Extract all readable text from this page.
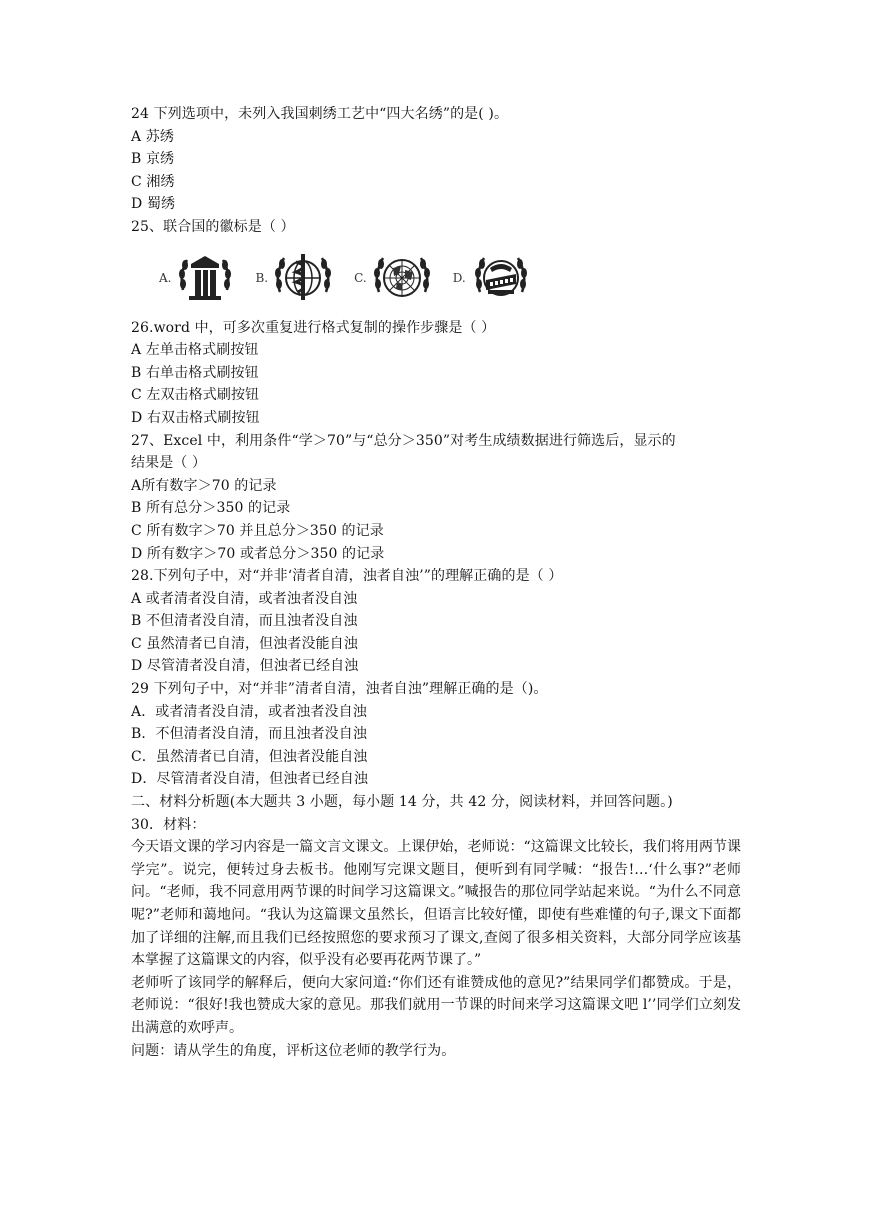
24 下列选项中，未列入我国刺绣工艺中“四大名绣”的是( )。
A 苏绣
B 京绣
C 湘绣
D 蜀绣
25、联合国的徽标是（ ）
A.	B.	C.	D.
26.word 中，可多次重复进行格式复制的操作步骤是（ ）
A 左单击格式刷按钮
B 右单击格式刷按钮
C 左双击格式刷按钮
D 右双击格式刷按钮
27、Excel 中，利用条件“学＞70”与“总分＞350”对考生成绩数据进行筛选后，显示的
结果是（ ）
A所有数字＞70 的记录
B 所有总分＞350 的记录
C 所有数字＞70 并且总分＞350 的记录
D 所有数字＞70 或者总分＞350 的记录
28.下列句子中，对“并非‘清者自清，浊者自浊’”的理解正确的是（ ）
A 或者清者没自清，或者浊者没自浊
B 不但清者没自清，而且浊者没自浊
C 虽然清者已自清，但浊者没能自浊
D 尽管清者没自清，但浊者已经自浊
29 下列句子中，对“并非”清者自清，浊者自浊”理解正确的是（)。
A．或者清者没自清，或者浊者没自浊
B．不但清者没自清，而且浊者没自浊
C．虽然清者已自清，但浊者没能自浊
D．尽管清者没自清，但浊者已经自浊
二、材料分析题(本大题共 3 小题，每小题 14 分，共 42 分，阅读材料，并回答问题。)
30．材料：
今天语文课的学习内容是一篇文言文课文。上课伊始，老师说：“这篇课文比较长，我们将用两节课学完”。说完，便转过身去板书。他刚写完课文题目，便听到有同学喊：“报告!…‘什么事?”老师问。“老师，我不同意用两节课的时间学习这篇课文。”喊报告的那位同学站起来说。“为什么不同意呢?”老师和蔼地问。“我认为这篇课文虽然长，但语言比较好懂，即使有些难懂的句子,课文下面都加了详细的注解,而且我们已经按照您的要求预习了课文,查阅了很多相关资料，大部分同学应该基本掌握了这篇课文的内容，似乎没有必要再花两节课了。”
老师听了该同学的解释后，便向大家问道:“你们还有谁赞成他的意见?”结果同学们都赞成。于是，老师说：“很好!我也赞成大家的意见。那我们就用一节课的时间来学习这篇课文吧 l’’同学们立刻发出满意的欢呼声。
问题：请从学生的角度，评析这位老师的教学行为。
